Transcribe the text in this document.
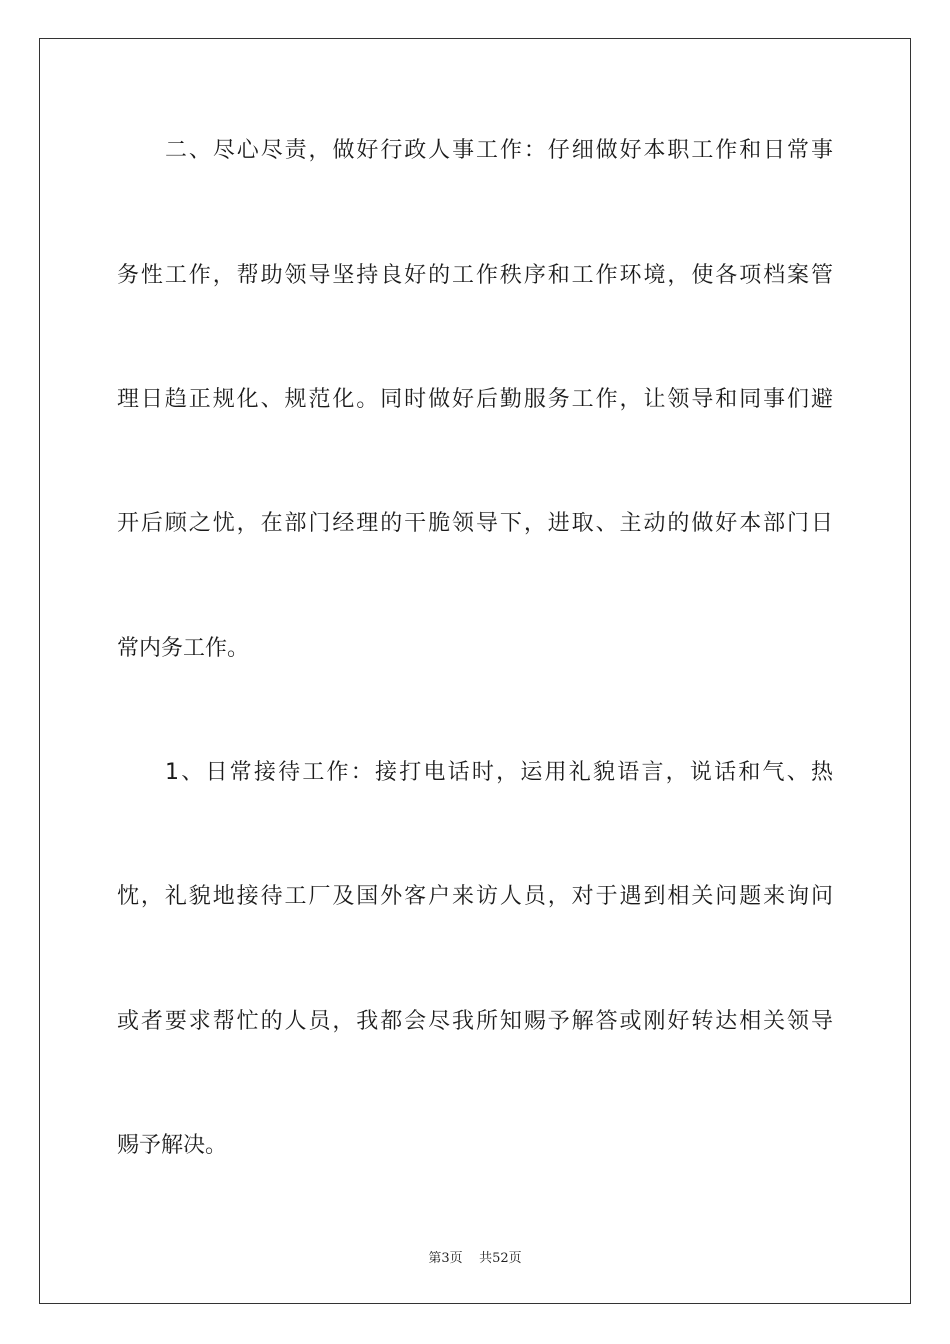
二、尽心尽责，做好行政人事工作：仔细做好本职工作和日常事
务性工作，帮助领导坚持良好的工作秩序和工作环境，使各项档案管
理日趋正规化、规范化。同时做好后勤服务工作，让领导和同事们避
开后顾之忧，在部门经理的干脆领导下，进取、主动的做好本部门日
常内务工作。
1、日常接待工作：接打电话时，运用礼貌语言，说话和气、热
忱，礼貌地接待工厂及国外客户来访人员，对于遇到相关问题来询问
或者要求帮忙的人员，我都会尽我所知赐予解答或刚好转达相关领导
赐予解决。
第3页 共52页
